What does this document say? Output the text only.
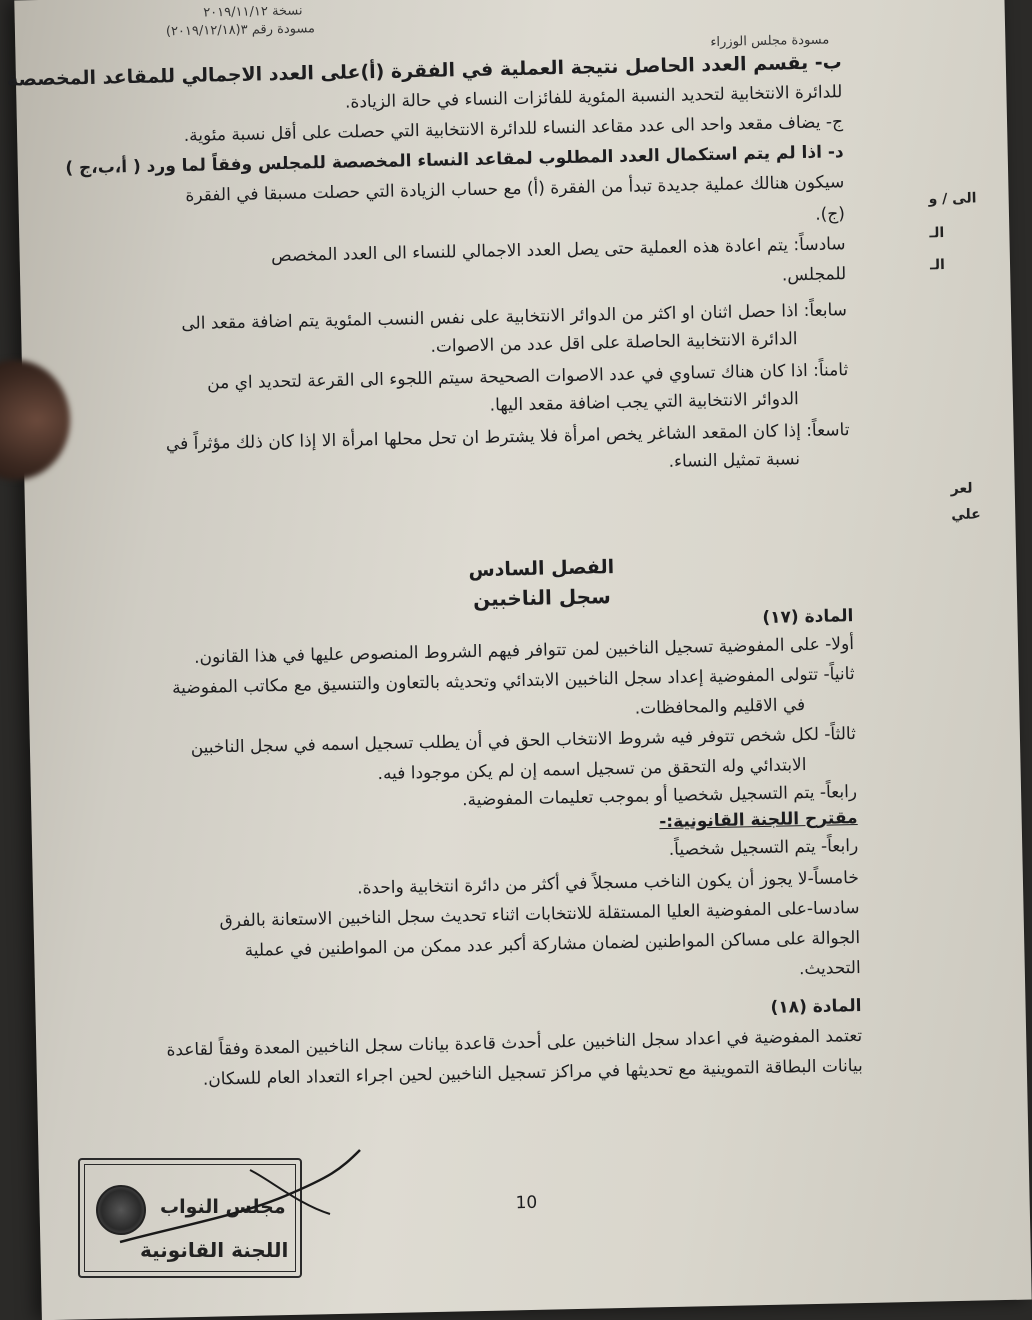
نسخة ٢٠١٩/١١/١٢
مسودة رقم ٣(٢٠١٩/١٢/١٨)
مسودة مجلس الوزراء
ب- يقسم العدد الحاصل نتيجة العملية في الفقرة (أ)على العدد الاجمالي للمقاعد المخصصة
للدائرة الانتخابية لتحديد النسبة المئوية للفائزات النساء في حالة الزيادة.
ج- يضاف مقعد واحد الى عدد مقاعد النساء للدائرة الانتخابية التي حصلت على أقل نسبة مئوية.
د- اذا لم يتم استكمال العدد المطلوب لمقاعد النساء المخصصة للمجلس وفقاً لما ورد ( أ،ب،ج )
سيكون هنالك عملية جديدة تبدأ من الفقرة (أ) مع حساب الزيادة التي حصلت مسبقا في الفقرة
(ج).
سادساً: يتم اعادة هذه العملية حتى يصل العدد الاجمالي للنساء الى العدد المخصص
للمجلس.
سابعاً: اذا حصل اثنان او اكثر من الدوائر الانتخابية على نفس النسب المئوية يتم اضافة مقعد الى
الدائرة الانتخابية الحاصلة على اقل عدد من الاصوات.
ثامناً: اذا كان هناك تساوي في عدد الاصوات الصحيحة سيتم اللجوء الى القرعة لتحديد اي من
الدوائر الانتخابية التي يجب اضافة مقعد اليها.
تاسعاً: إذا كان المقعد الشاغر يخص امرأة فلا يشترط ان تحل محلها امرأة الا إذا كان ذلك مؤثراً في
نسبة تمثيل النساء.
الفصل السادس
سجل الناخبين
المادة (١٧)
أولا- على المفوضية تسجيل الناخبين لمن تتوافر فيهم الشروط المنصوص عليها في هذا القانون.
ثانياً- تتولى المفوضية إعداد سجل الناخبين الابتدائي وتحديثه بالتعاون والتنسيق مع مكاتب المفوضية
في الاقليم والمحافظات.
ثالثاً- لكل شخص تتوفر فيه شروط الانتخاب الحق في أن يطلب تسجيل اسمه في سجل الناخبين
الابتدائي وله التحقق من تسجيل اسمه إن لم يكن موجودا فيه.
رابعاً- يتم التسجيل شخصيا أو بموجب تعليمات المفوضية.
مقترح اللجنة القانونية:-
رابعاً- يتم التسجيل شخصياً.
خامساً-لا يجوز أن يكون الناخب مسجلاً في أكثر من دائرة انتخابية واحدة.
سادسا-على المفوضية العليا المستقلة للانتخابات اثناء تحديث سجل الناخبين الاستعانة بالفرق
الجوالة على مساكن المواطنين لضمان مشاركة أكبر عدد ممكن من المواطنين في عملية
التحديث.
المادة (١٨)
تعتمد المفوضية في اعداد سجل الناخبين على أحدث قاعدة بيانات سجل الناخبين المعدة وفقاً لقاعدة
بيانات البطاقة التموينية مع تحديثها في مراكز تسجيل الناخبين لحين اجراء التعداد العام للسكان.
10
الى / و
الـ
الـ
لعر
علي
مجلس النواب
اللجنة القانونية
